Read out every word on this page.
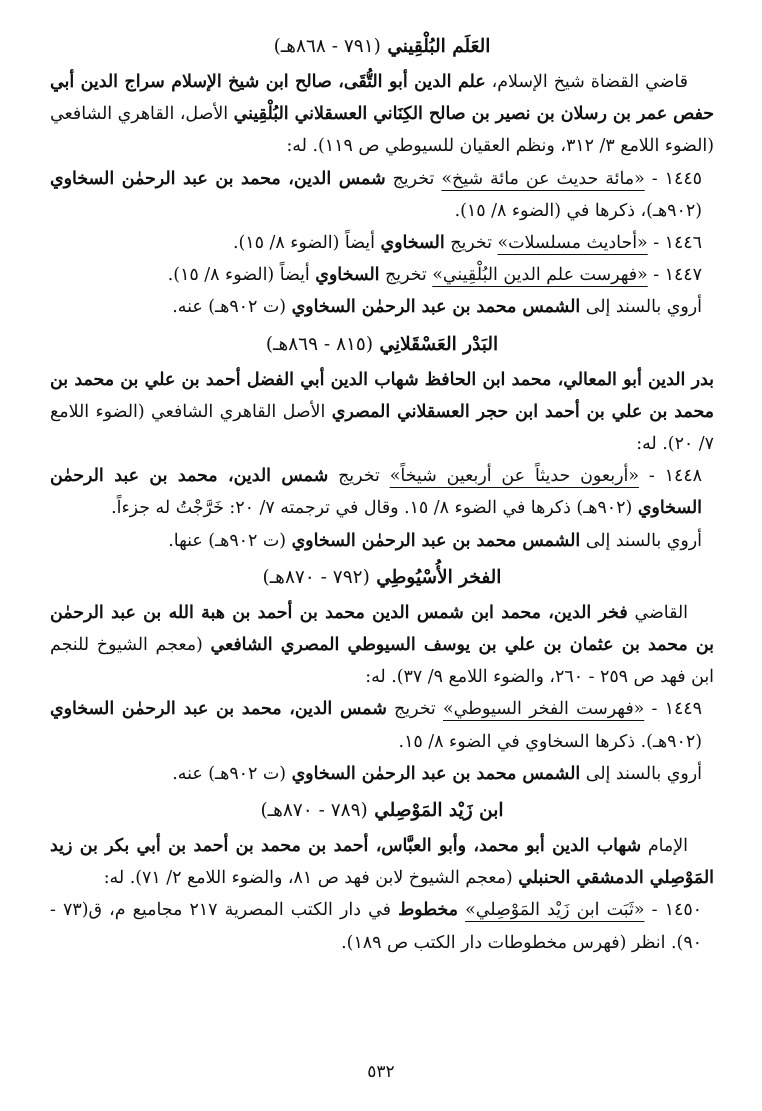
العَلَم البُلْقِيني (٧٩١ - ٨٦٨هـ)

قاضي القضاة شيخ الإسلام، علم الدين أبو التُّقَى، صالح ابن شيخ الإسلام سراج الدين أبي حفص عمر بن رسلان بن نصير بن صالح الكِنَاني العسقلاني البُلْقِيني الأصل، القاهري الشافعي (الضوء اللامع ٣/ ٣١٢، ونظم العقيان للسيوطي ص ١١٩). له:

١٤٤٥ - «مائة حديث عن مائة شيخ» تخريج شمس الدين، محمد بن عبد الرحمٰن السخاوي (٩٠٢هـ)، ذكرها في (الضوء ٨/ ١٥).

١٤٤٦ - «أحاديث مسلسلات» تخريج السخاوي أيضاً (الضوء ٨/ ١٥).

١٤٤٧ - «فهرست علم الدين البُلْقِيني» تخريج السخاوي أيضاً (الضوء ٨/ ١٥).

أروي بالسند إلى الشمس محمد بن عبد الرحمٰن السخاوي (ت ٩٠٢هـ) عنه.

البَدْر العَسْقَلانِي (٨١٥ - ٨٦٩هـ)

بدر الدين أبو المعالي، محمد ابن الحافظ شهاب الدين أبي الفضل أحمد بن علي بن محمد بن محمد بن علي بن أحمد ابن حجر العسقلاني المصري الأصل القاهري الشافعي (الضوء اللامع ٧/ ٢٠). له:

١٤٤٨ - «أربعون حديثاً عن أربعين شيخاً» تخريج شمس الدين، محمد بن عبد الرحمٰن السخاوي (٩٠٢هـ) ذكرها في الضوء ٨/ ١٥. وقال في ترجمته ٧/ ٢٠: خَرَّجْتُ له جزءاً.

أروي بالسند إلى الشمس محمد بن عبد الرحمٰن السخاوي (ت ٩٠٢هـ) عنها.

الفخر الأُسْيُوطِي (٧٩٢ - ٨٧٠هـ)

القاضي فخر الدين، محمد ابن شمس الدين محمد بن أحمد بن هبة الله بن عبد الرحمٰن بن محمد بن عثمان بن علي بن يوسف السيوطي المصري الشافعي (معجم الشيوخ للنجم ابن فهد ص ٢٥٩ - ٢٦٠، والضوء اللامع ٩/ ٣٧). له:

١٤٤٩ - «فهرست الفخر السيوطي» تخريج شمس الدين، محمد بن عبد الرحمٰن السخاوي (٩٠٢هـ). ذكرها السخاوي في الضوء ٨/ ١٥.

أروي بالسند إلى الشمس محمد بن عبد الرحمٰن السخاوي (ت ٩٠٢هـ) عنه.

ابن زَيْد المَوْصِلي (٧٨٩ - ٨٧٠هـ)

الإمام شهاب الدين أبو محمد، وأبو العبَّاس، أحمد بن محمد بن أحمد بن أبي بكر بن زيد المَوْصِلي الدمشقي الحنبلي (معجم الشيوخ لابن فهد ص ٨١، والضوء اللامع ٢/ ٧١). له:

١٤٥٠ - «ثَبَت ابن زَيْد المَوْصِلي» مخطوط في دار الكتب المصرية ٢١٧ مجاميع م، ق(٧٣ - ٩٠). انظر (فهرس مخطوطات دار الكتب ص ١٨٩).

٥٣٢
